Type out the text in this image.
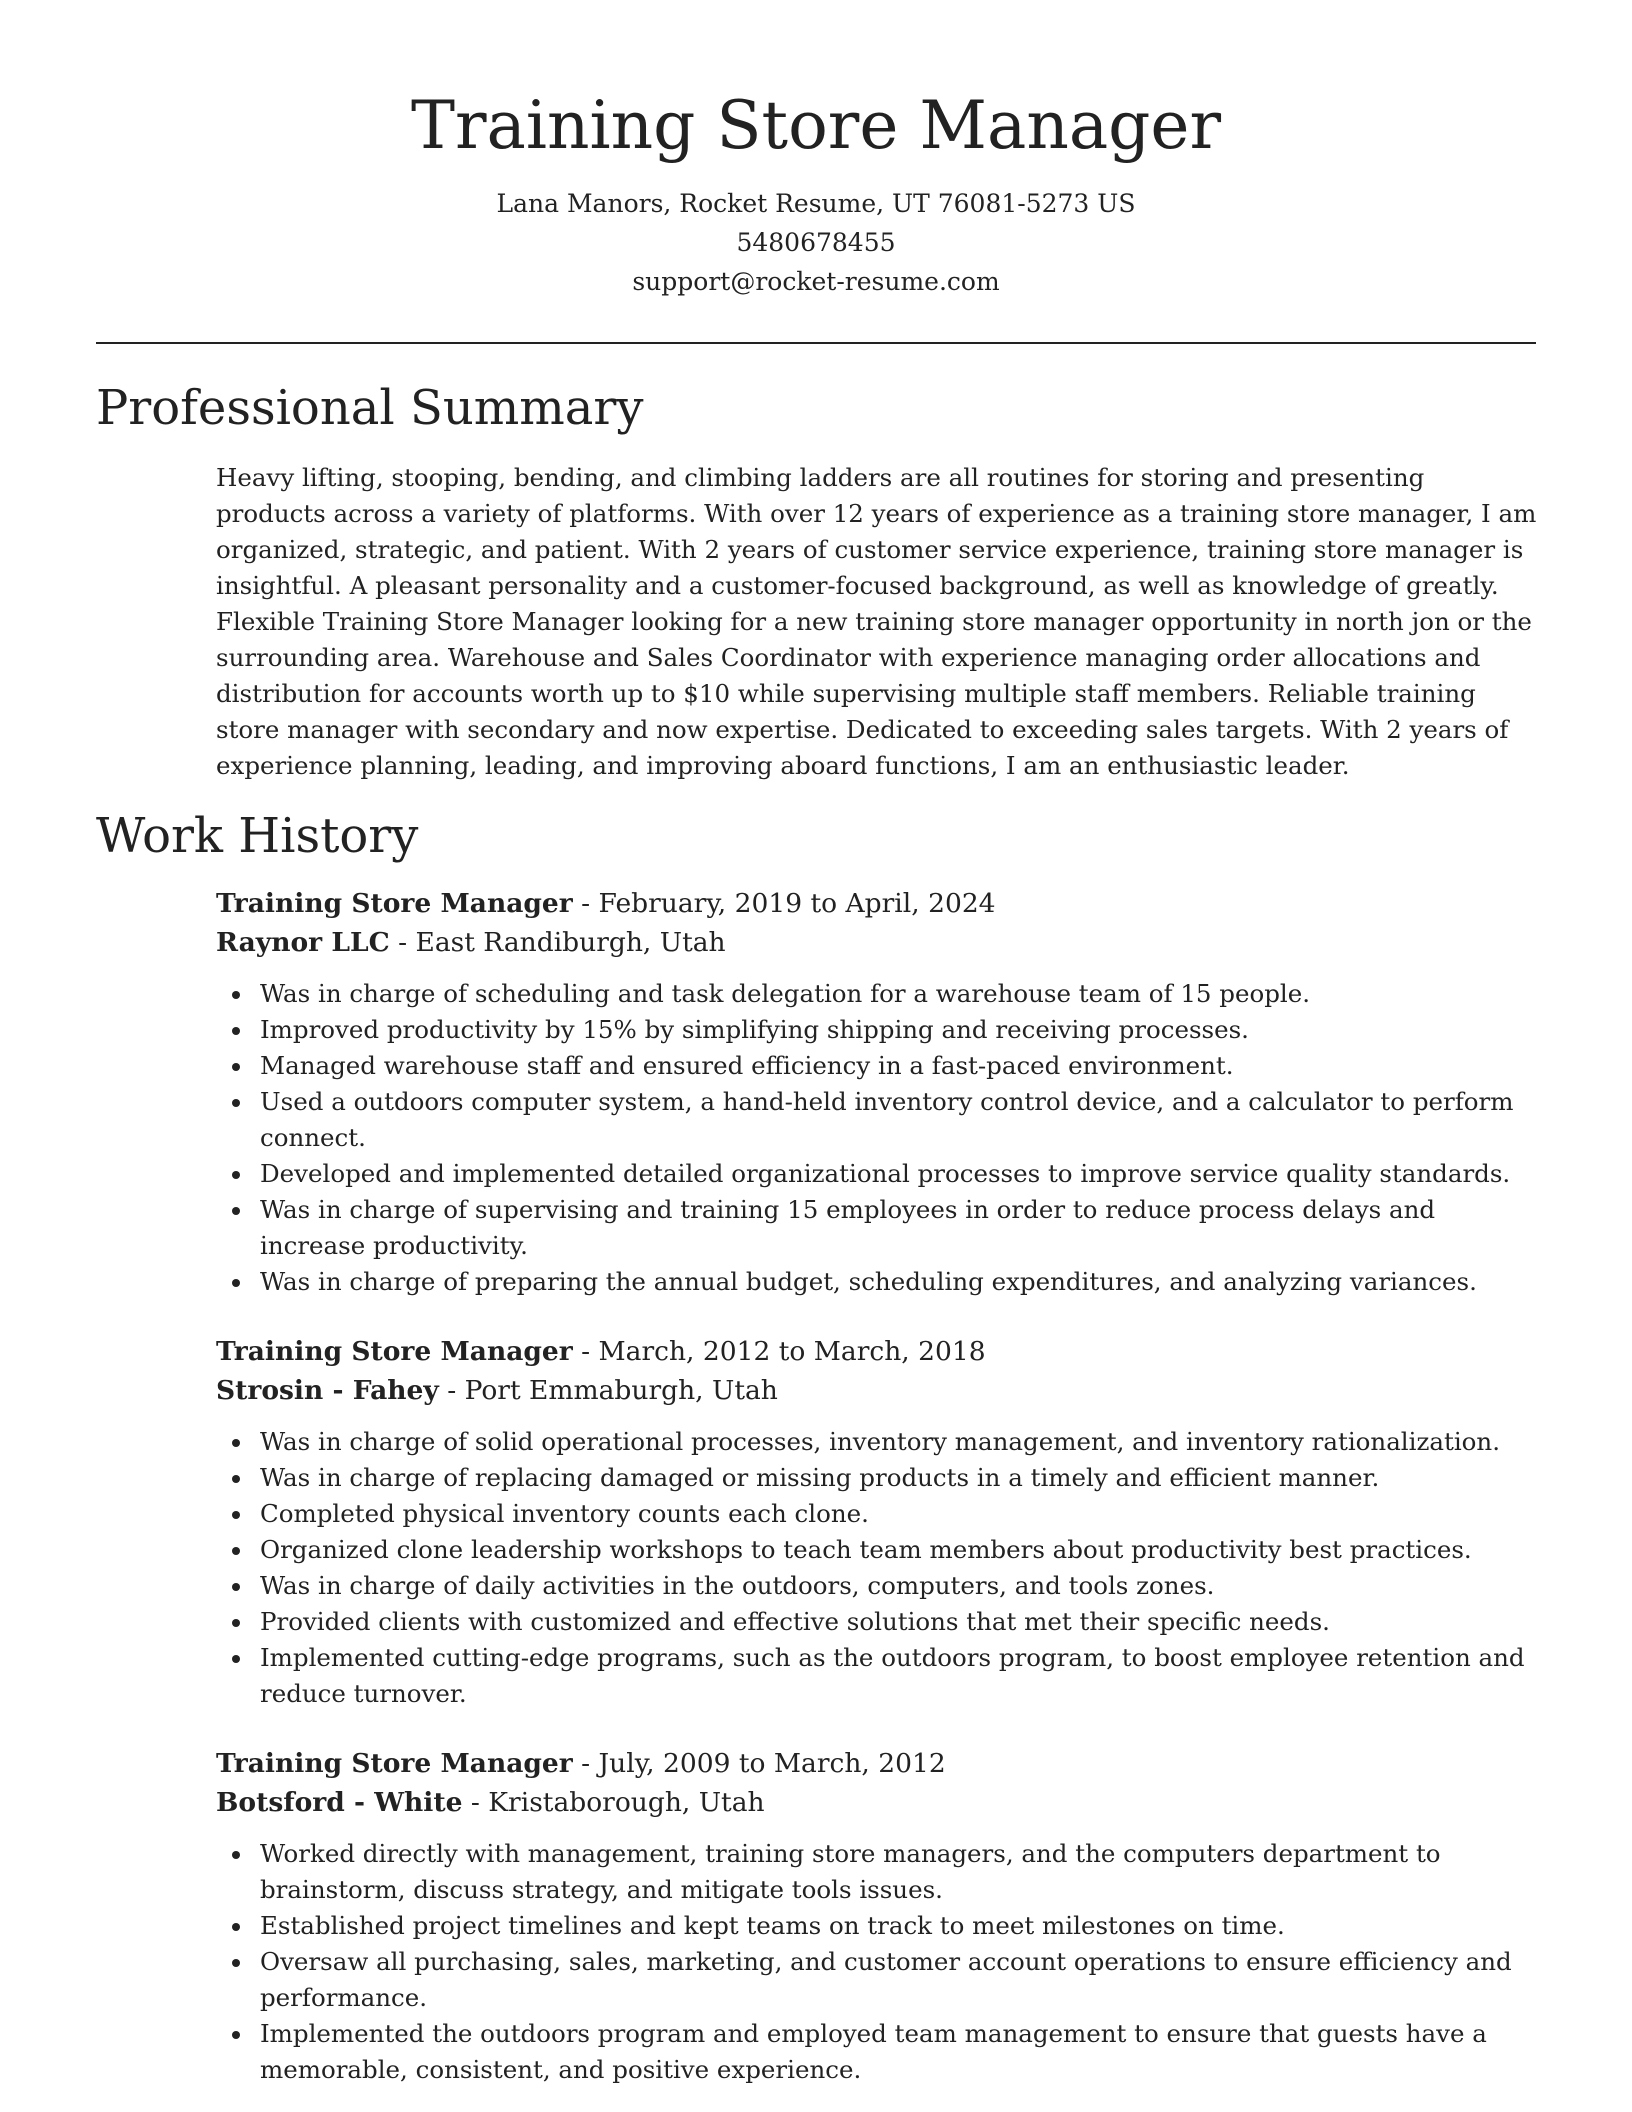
Training Store Manager
Lana Manors, Rocket Resume, UT 76081-5273 US
5480678455
support@rocket-resume.com
Professional Summary

Heavy lifting, stooping, bending, and climbing ladders are all routines for storing and presenting products across a variety of platforms. With over 12 years of experience as a training store manager, I am organized, strategic, and patient. With 2 years of customer service experience, training store manager is insightful. A pleasant personality and a customer-focused background, as well as knowledge of greatly. Flexible Training Store Manager looking for a new training store manager opportunity in north jon or the surrounding area. Warehouse and Sales Coordinator with experience managing order allocations and distribution for accounts worth up to $10 while supervising multiple staff members. Reliable training store manager with secondary and now expertise. Dedicated to exceeding sales targets. With 2 years of experience planning, leading, and improving aboard functions, I am an enthusiastic leader.

Work History
Training Store Manager - February, 2019 to April, 2024
Raynor LLC - East Randiburgh, Utah
Was in charge of scheduling and task delegation for a warehouse team of 15 people.
Improved productivity by 15% by simplifying shipping and receiving processes.
Managed warehouse staff and ensured efficiency in a fast-paced environment.
Used a outdoors computer system, a hand-held inventory control device, and a calculator to perform connect.
Developed and implemented detailed organizational processes to improve service quality standards.
Was in charge of supervising and training 15 employees in order to reduce process delays and increase productivity.
Was in charge of preparing the annual budget, scheduling expenditures, and analyzing variances.
Training Store Manager - March, 2012 to March, 2018
Strosin - Fahey - Port Emmaburgh, Utah
Was in charge of solid operational processes, inventory management, and inventory rationalization.
Was in charge of replacing damaged or missing products in a timely and efficient manner.
Completed physical inventory counts each clone.
Organized clone leadership workshops to teach team members about productivity best practices.
Was in charge of daily activities in the outdoors, computers, and tools zones.
Provided clients with customized and effective solutions that met their specific needs.
Implemented cutting-edge programs, such as the outdoors program, to boost employee retention and reduce turnover.
Training Store Manager - July, 2009 to March, 2012
Botsford - White - Kristaborough, Utah
Worked directly with management, training store managers, and the computers department to brainstorm, discuss strategy, and mitigate tools issues.
Established project timelines and kept teams on track to meet milestones on time.
Oversaw all purchasing, sales, marketing, and customer account operations to ensure efficiency and performance.
Implemented the outdoors program and employed team management to ensure that guests have a memorable, consistent, and positive experience.
